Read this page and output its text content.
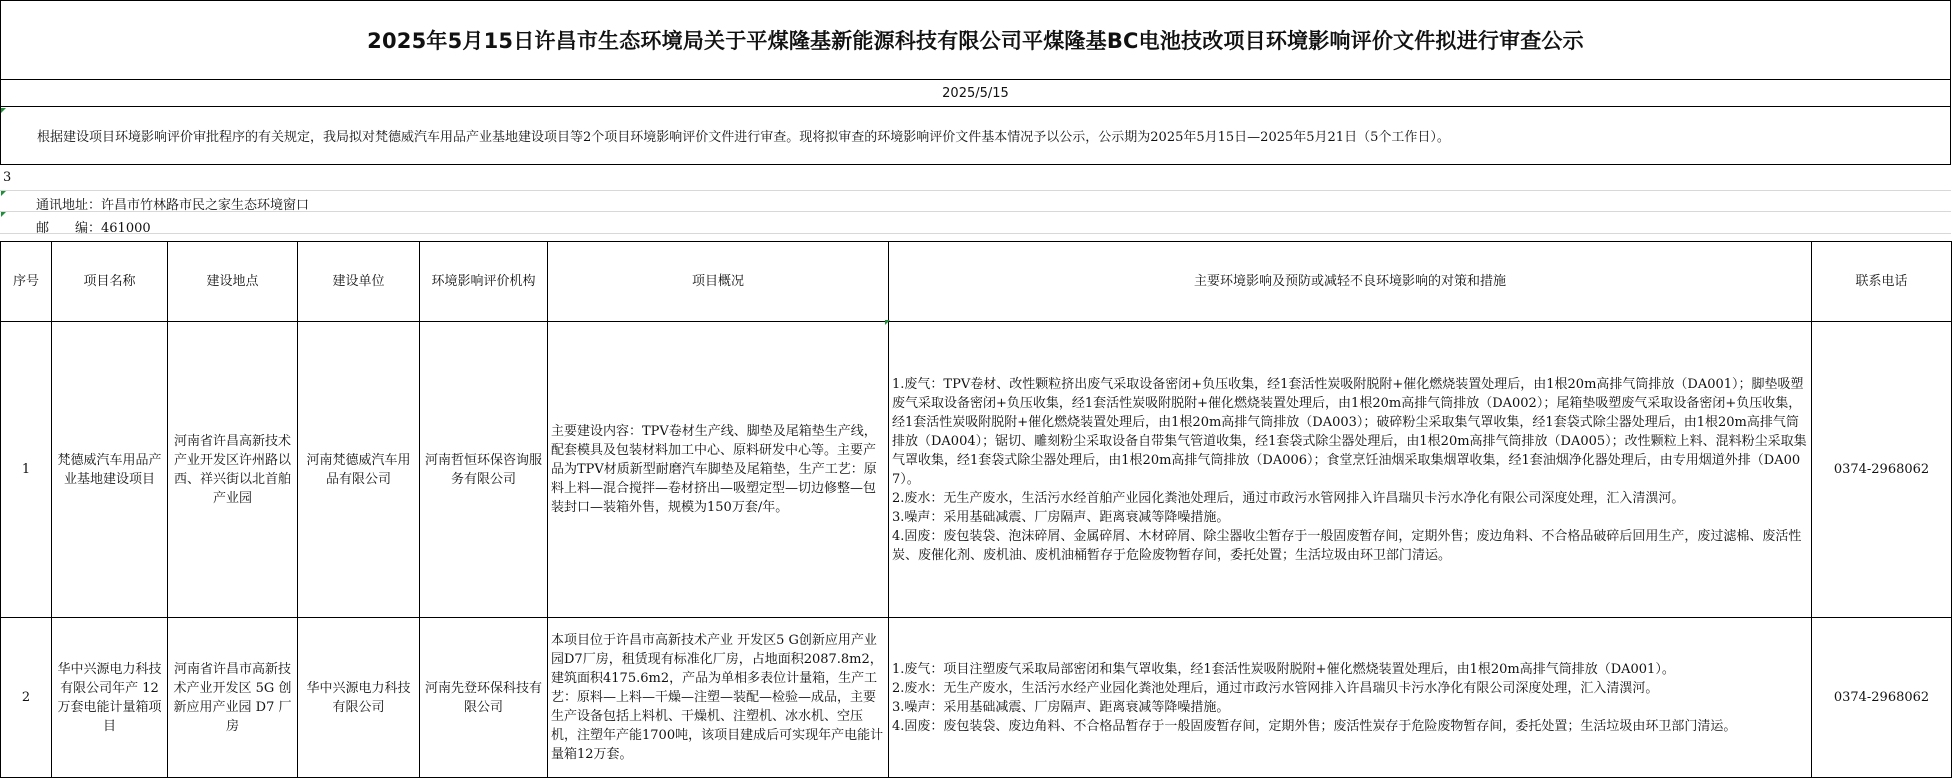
2025年5月15日许昌市生态环境局关于平煤隆基新能源科技有限公司平煤隆基BC电池技改项目环境影响评价文件拟进行审查公示
2025/5/15
根据建设项目环境影响评价审批程序的有关规定，我局拟对梵德威汽车用品产业基地建设项目等2个项目环境影响评价文件进行审查。现将拟审查的环境影响评价文件基本情况予以公示，公示期为2025年5月15日—2025年5月21日（5个工作日）。
3
通讯地址：许昌市竹林路市民之家生态环境窗口
邮　　编：461000
序号	项目名称	建设地点	建设单位	环境影响评价机构	项目概况	主要环境影响及预防或减轻不良环境影响的对策和措施	联系电话
1	梵德威汽车用品产业基地建设项目	河南省许昌高新技术产业开发区许州路以西、祥兴街以北首舶产业园	河南梵德威汽车用品有限公司	河南哲恒环保咨询服务有限公司	主要建设内容：TPV卷材生产线、脚垫及尾箱垫生产线，配套模具及包装材料加工中心、原料研发中心等。主要产品为TPV材质新型耐磨汽车脚垫及尾箱垫，生产工艺：原料上料—混合搅拌—卷材挤出—吸塑定型—切边修整—包装封口—装箱外售，规模为150万套/年。	1.废气：TPV卷材、改性颗粒挤出废气采取设备密闭+负压收集，经1套活性炭吸附脱附+催化燃烧装置处理后，由1根20m高排气筒排放（DA001）；脚垫吸塑废气采取设备密闭+负压收集，经1套活性炭吸附脱附+催化燃烧装置处理后，由1根20m高排气筒排放（DA002）；尾箱垫吸塑废气采取设备密闭+负压收集，经1套活性炭吸附脱附+催化燃烧装置处理后，由1根20m高排气筒排放（DA003）；破碎粉尘采取集气罩收集，经1套袋式除尘器处理后，由1根20m高排气筒排放（DA004）；锯切、雕刻粉尘采取设备自带集气管道收集，经1套袋式除尘器处理后，由1根20m高排气筒排放（DA005）；改性颗粒上料、混料粉尘采取集气罩收集，经1套袋式除尘器处理后，由1根20m高排气筒排放（DA006）；食堂烹饪油烟采取集烟罩收集，经1套油烟净化器处理后，由专用烟道外排（DA007）。
2.废水：无生产废水，生活污水经首舶产业园化粪池处理后，通过市政污水管网排入许昌瑞贝卡污水净化有限公司深度处理，汇入清潩河。
3.噪声：采用基础减震、厂房隔声、距离衰减等降噪措施。
4.固废：废包装袋、泡沫碎屑、金属碎屑、木材碎屑、除尘器收尘暂存于一般固废暂存间，定期外售；废边角料、不合格品破碎后回用生产，废过滤棉、废活性炭、废催化剂、废机油、废机油桶暂存于危险废物暂存间，委托处置；生活垃圾由环卫部门清运。	0374-2968062
2	华中兴源电力科技有限公司年产 12 万套电能计量箱项目	河南省许昌市高新技术产业开发区 5G 创新应用产业园 D7 厂房	华中兴源电力科技有限公司	河南先登环保科技有限公司	本项目位于许昌市高新技术产业 开发区5 G创新应用产业园D7厂房，租赁现有标准化厂房，占地面积2087.8m2，建筑面积4175.6m2，产品为单相多表位计量箱，生产工艺：原料—上料—干燥—注塑—装配—检验—成品，主要生产设备包括上料机、干燥机、注塑机、冰水机、空压机，注塑年产能1700吨，该项目建成后可实现年产电能计量箱12万套。	1.废气：项目注塑废气采取局部密闭和集气罩收集，经1套活性炭吸附脱附+催化燃烧装置处理后，由1根20m高排气筒排放（DA001）。
2.废水：无生产废水，生活污水经产业园化粪池处理后，通过市政污水管网排入许昌瑞贝卡污水净化有限公司深度处理，汇入清潩河。
3.噪声：采用基础减震、厂房隔声、距离衰减等降噪措施。
4.固废：废包装袋、废边角料、不合格品暂存于一般固废暂存间，定期外售；废活性炭存于危险废物暂存间，委托处置；生活垃圾由环卫部门清运。	0374-2968062
